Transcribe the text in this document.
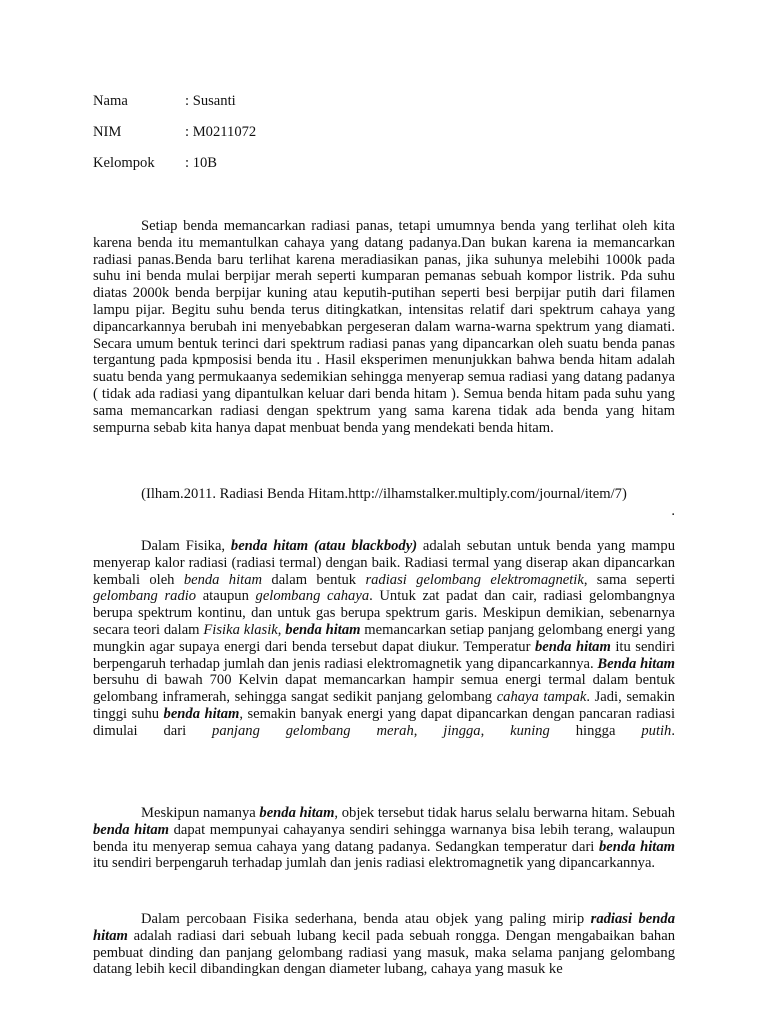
Nama	: Susanti
NIM	: M0211072
Kelompok : 10B

Setiap benda memancarkan radiasi panas, tetapi umumnya benda yang terlihat oleh kita karena benda itu memantulkan cahaya yang datang padanya.Dan bukan karena ia memancarkan radiasi panas.Benda baru terlihat karena meradiasikan panas, jika suhunya melebihi 1000k pada suhu ini benda mulai berpijar merah seperti kumparan pemanas sebuah kompor listrik. Pda suhu diatas 2000k benda berpijar kuning atau keputih-putihan seperti besi berpijar putih dari filamen lampu pijar. Begitu suhu benda terus ditingkatkan, intensitas relatif dari spektrum cahaya yang dipancarkannya berubah ini menyebabkan pergeseran dalam warna-warna spektrum yang diamati. Secara umum bentuk terinci dari spektrum radiasi panas yang dipancarkan oleh suatu benda panas tergantung pada kpmposisi benda itu . Hasil eksperimen menunjukkan bahwa benda hitam adalah suatu benda yang permukaanya sedemikian sehingga menyerap semua radiasi yang datang padanya ( tidak ada radiasi yang dipantulkan keluar dari benda hitam ). Semua benda hitam pada suhu yang sama memancarkan radiasi dengan spektrum yang sama karena tidak ada benda yang hitam sempurna sebab kita hanya dapat menbuat benda yang mendekati benda hitam.

(Ilham.2011. Radiasi Benda Hitam.http://ilhamstalker.multiply.com/journal/item/7)

.

Dalam Fisika, benda hitam (atau blackbody) adalah sebutan untuk benda yang mampu menyerap kalor radiasi (radiasi termal) dengan baik. Radiasi termal yang diserap akan dipancarkan kembali oleh benda hitam dalam bentuk radiasi gelombang elektromagnetik, sama seperti gelombang radio ataupun gelombang cahaya. Untuk zat padat dan cair, radiasi gelombangnya berupa spektrum kontinu, dan untuk gas berupa spektrum garis. Meskipun demikian, sebenarnya secara teori dalam Fisika klasik, benda hitam memancarkan setiap panjang gelombang energi yang mungkin agar supaya energi dari benda tersebut dapat diukur. Temperatur benda hitam itu sendiri berpengaruh terhadap jumlah dan jenis radiasi elektromagnetik yang dipancarkannya. Benda hitam bersuhu di bawah 700 Kelvin dapat memancarkan hampir semua energi termal dalam bentuk gelombang inframerah, sehingga sangat sedikit panjang gelombang cahaya tampak. Jadi, semakin tinggi suhu benda hitam, semakin banyak energi yang dapat dipancarkan dengan pancaran radiasi dimulai dari panjang gelombang merah, jingga, kuning hingga putih.

Meskipun namanya benda hitam, objek tersebut tidak harus selalu berwarna hitam. Sebuah benda hitam dapat mempunyai cahayanya sendiri sehingga warnanya bisa lebih terang, walaupun benda itu menyerap semua cahaya yang datang padanya. Sedangkan temperatur dari benda hitam itu sendiri berpengaruh terhadap jumlah dan jenis radiasi elektromagnetik yang dipancarkannya.

Dalam percobaan Fisika sederhana, benda atau objek yang paling mirip radiasi benda hitam adalah radiasi dari sebuah lubang kecil pada sebuah rongga. Dengan mengabaikan bahan pembuat dinding dan panjang gelombang radiasi yang masuk, maka selama panjang gelombang datang lebih kecil dibandingkan dengan diameter lubang, cahaya yang masuk ke
